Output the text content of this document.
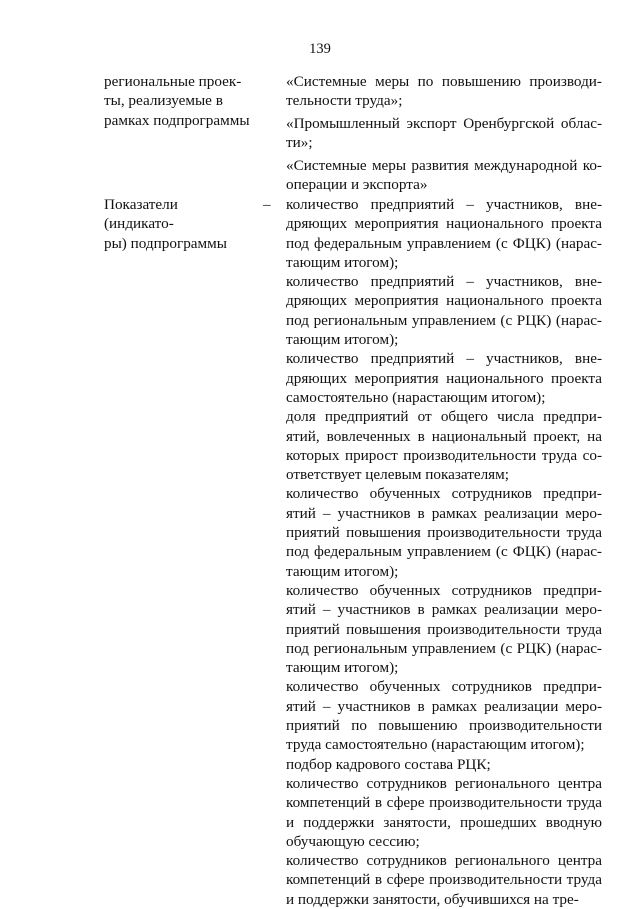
139
региональные проек-
ты, реализуемые в
рамках подпрограммы

«Системные меры по повышению производи-
тельности труда»;

«Промышленный экспорт Оренбургской облас-
ти»;

«Системные меры развития международной ко-
операции и экспорта»

Показатели (индикато-
ры) подпрограммы
– количество предприятий – участников, вне-
дряющих мероприятия национального проекта
под федеральным управлением (с ФЦК) (нарас-
тающим итогом);

количество предприятий – участников, вне-
дряющих мероприятия национального проекта
под региональным управлением (с РЦК) (нарас-
тающим итогом);

количество предприятий – участников, вне-
дряющих мероприятия национального проекта
самостоятельно (нарастающим итогом);

доля предприятий от общего числа предпри-
ятий, вовлеченных в национальный проект, на
которых прирост производительности труда со-
ответствует целевым показателям;

количество обученных сотрудников предпри-
ятий – участников в рамках реализации меро-
приятий повышения производительности труда
под федеральным управлением (с ФЦК) (нарас-
тающим итогом);

количество обученных сотрудников предпри-
ятий – участников в рамках реализации меро-
приятий повышения производительности труда
под региональным управлением (с РЦК) (нарас-
тающим итогом);

количество обученных сотрудников предпри-
ятий – участников в рамках реализации меро-
приятий по повышению производительности
труда самостоятельно (нарастающим итогом);

подбор кадрового состава РЦК;

количество сотрудников регионального центра
компетенций в сфере производительности труда
и поддержки занятости, прошедших вводную
обучающую сессию;

количество сотрудников регионального центра
компетенций в сфере производительности труда
и поддержки занятости, обучившихся на тре-
